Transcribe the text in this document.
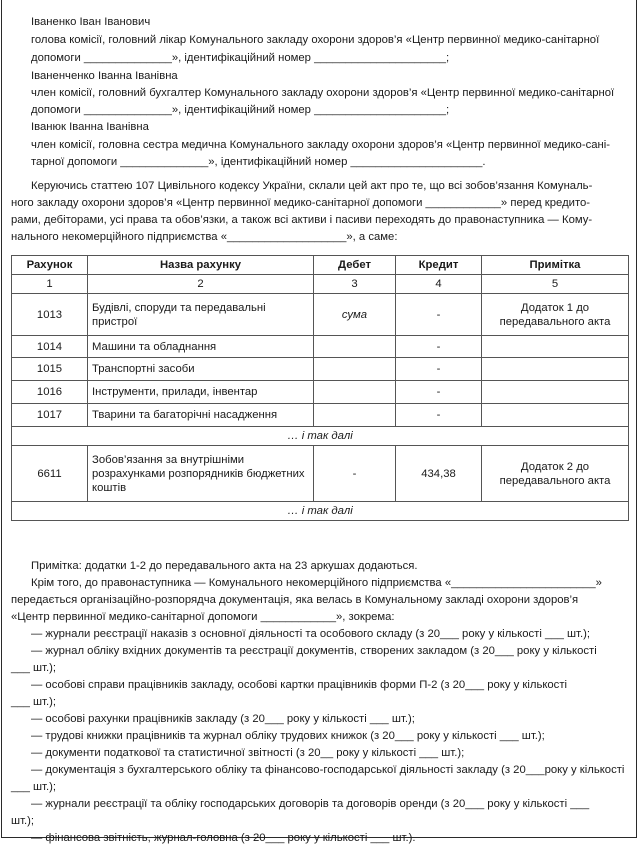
Іваненко Іван Іванович
голова комісії, головний лікар Комунального закладу охорони здоров’я «Центр первинної медико-санітарної
допомоги ______________», ідентифікаційний номер _____________________;
Іваненченко Іванна Іванівна
член комісії, головний бухгалтер Комунального закладу охорони здоров’я «Центр первинної медико-санітарної
допомоги ______________», ідентифікаційний номер _____________________;
Іванюк Іванна Іванівна
член комісії, головна сестра медична Комунального закладу охорони здоров’я «Центр первинної медико-сані-
тарної допомоги ______________», ідентифікаційний номер _____________________.
Керуючись статтею 107 Цивільного кодексу України, склали цей акт про те, що всі зобов’язання Комуналь-
ного закладу охорони здоров’я «Центр первинної медико-санітарної допомоги ____________» перед кредито-
рами, дебіторами, усі права та обов’язки, а також всі активи і пасиви переходять до правонаступника — Кому-
нального некомерційного підприємства «___________________», а саме:
Рахунок	Назва рахунку	Дебет	Кредит	Примітка
1	2	3	4	5
1013	Будівлі, споруди та передавальні пристрої	сума	-	Додаток 1 до передавального акта
1014	Машини та обладнання		-	
1015	Транспортні засоби		-	
1016	Інструменти, прилади, інвентар		-	
1017	Тварини та багаторічні насадження		-	
… і так далі				
6611	Зобов’язання за внутрішніми розрахунками розпорядників бюджетних коштів	-	434,38	Додаток 2 до передавального акта
… і так далі				
Примітка: додатки 1-2 до передавального акта на 23 аркушах додаються.
Крім того, до правонаступника — Комунального некомерційного підприємства «_______________________»
передається організаційно-розпорядча документація, яка велась в Комунальному закладі охорони здоров’я
«Центр первинної медико-санітарної допомоги ____________», зокрема:
— журнали реєстрації наказів з основної діяльності та особового складу (з 20___ року у кількості ___ шт.);
— журнал обліку вхідних документів та реєстрації документів, створених закладом (з 20___ року у кількості
___ шт.);
— особові справи працівників закладу, особові картки працівників форми П-2 (з 20___ року у кількості
___ шт.);
— особові рахунки працівників закладу (з 20___ року у кількості ___ шт.);
— трудові книжки працівників та журнал обліку трудових книжок (з 20___ року у кількості ___ шт.);
— документи податкової та статистичної звітності (з 20__ року у кількості ___ шт.);
— документація з бухгалтерського обліку та фінансово-господарської діяльності закладу (з 20___року у кількості
___ шт.);
— журнали реєстрації та обліку господарських договорів та договорів оренди (з 20___ року у кількості ___
шт.);
— фінансова звітність, журнал-головна (з 20___ року у кількості ___ шт.).
